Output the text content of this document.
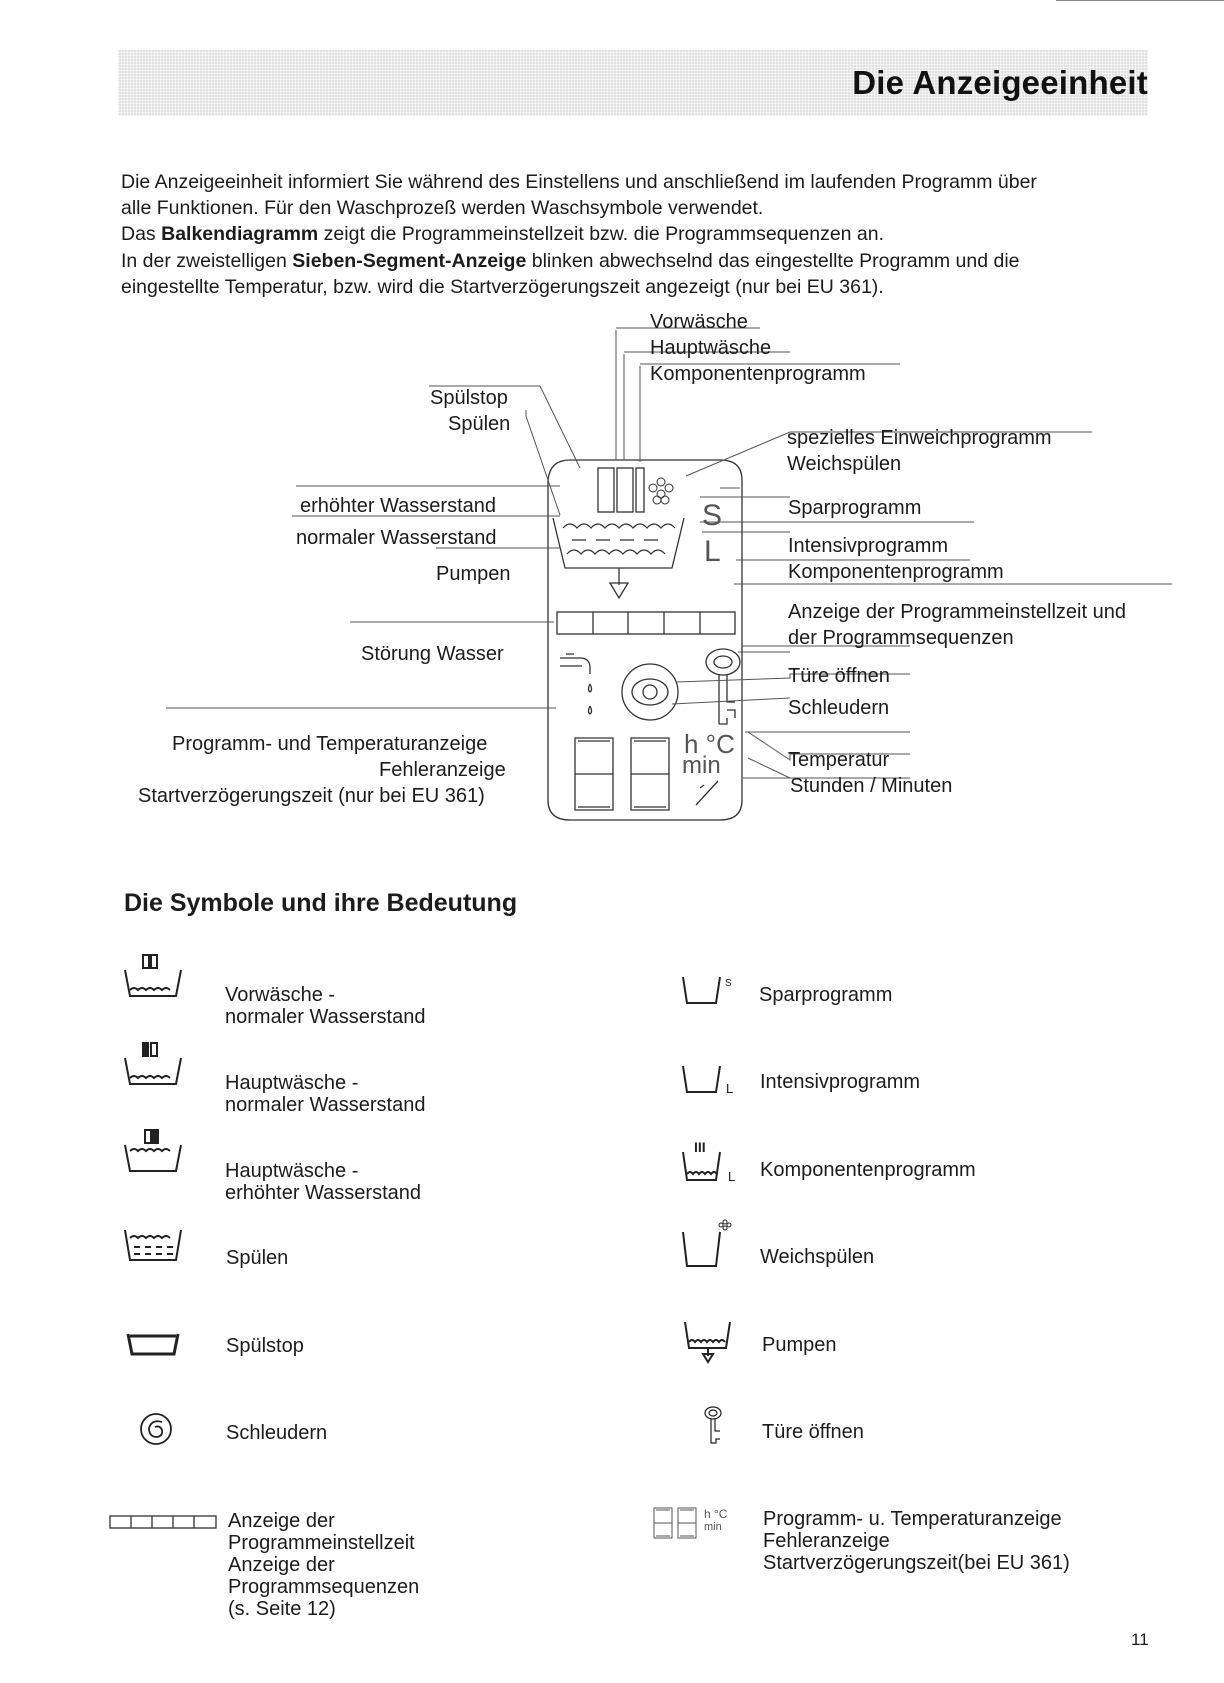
Die Anzeigeeinheit

Die Anzeigeeinheit informiert Sie während des Einstellens und anschließend im laufenden Programm über

alle Funktionen. Für den Waschprozeß werden Waschsymbole verwendet.

Das Balkendiagramm zeigt die Programmeinstellzeit bzw. die Programmsequenzen an.

In der zweistelligen Sieben-Segment-Anzeige blinken abwechselnd das eingestellte Programm und die

eingestellte Temperatur, bzw. wird die Startverzögerungszeit angezeigt (nur bei EU 361).

Vorwäsche
Hauptwäsche
Komponentenprogramm
Spülstop
Spülen
erhöhter Wasserstand
normaler Wasserstand
Pumpen
Störung Wasser
Programm- und Temperaturanzeige
Fehleranzeige
Startverzögerungszeit (nur bei EU 361)
spezielles Einweichprogramm
Weichspülen
Sparprogramm
Intensivprogramm
Komponentenprogramm
Anzeige der Programmeinstellzeit und
der Programmsequenzen
Türe öffnen
Schleudern
Temperatur
Stunden / Minuten
S
L
h °C
min
Die Symbole und ihre Bedeutung
Vorwäsche -
normaler Wasserstand
Hauptwäsche -
normaler Wasserstand
Hauptwäsche -
erhöhter Wasserstand
Spülen
Spülstop
Schleudern
Anzeige der
Programmeinstellzeit
Anzeige der
Programmsequenzen
(s. Seite 12)
S
L
III
L
h °C
min
Sparprogramm
Intensivprogramm
Komponentenprogramm
Weichspülen
Pumpen
Türe öffnen
Programm- u. Temperaturanzeige
Fehleranzeige
Startverzögerungszeit(bei EU 361)
11
